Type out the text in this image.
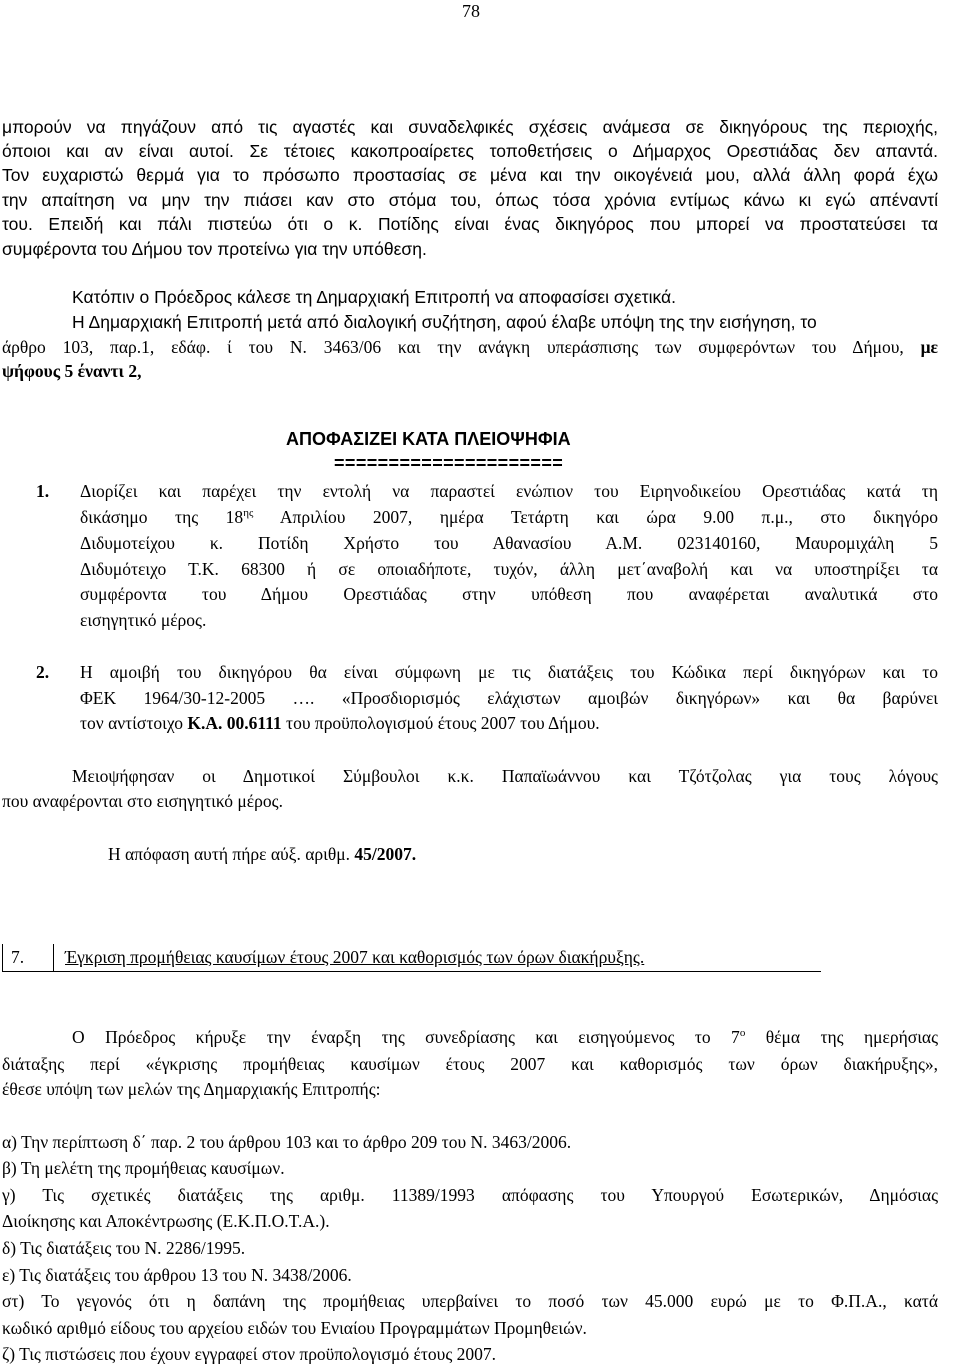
78
μπορούν να πηγάζουν από τις αγαστές και συναδελφικές σχέσεις ανάμεσα σε δικηγόρους της περιοχής,
όποιοι και αν είναι αυτοί. Σε τέτοιες κακοπροαίρετες τοποθετήσεις ο Δήμαρχος Ορεστιάδας δεν απαντά.
Τον ευχαριστώ θερμά για το πρόσωπο προστασίας σε μένα και την οικογένειά μου, αλλά άλλη φορά έχω
την απαίτηση να μην την πιάσει καν στο στόμα του, όπως τόσα χρόνια εντίμως κάνω κι εγώ απέναντί
του. Επειδή και πάλι πιστεύω ότι ο κ. Ποτίδης είναι ένας δικηγόρος που μπορεί να προστατεύσει τα
συμφέροντα του Δήμου τον προτείνω για την υπόθεση.
Κατόπιν ο Πρόεδρος κάλεσε τη Δημαρχιακή Επιτροπή να αποφασίσει σχετικά.
Η Δημαρχιακή Επιτροπή μετά από διαλογική συζήτηση, αφού έλαβε υπόψη της την εισήγηση, το
άρθρο 103, παρ.1, εδάφ. ί του Ν. 3463/06 και την ανάγκη υπεράσπισης των συμφερόντων του Δήμου, με
ψήφους 5 έναντι 2,
ΑΠΟΦΑΣΙΖΕΙ ΚΑΤΑ ΠΛΕΙΟΨΗΦΙΑ
=====================
1. Διορίζει και παρέχει την εντολή να παραστεί ενώπιον του Ειρηνοδικείου Ορεστιάδας κατά τη
δικάσημο της $18^{\eta\varsigma}$ Απριλίου 2007, ημέρα Τετάρτη και ώρα 9.00 π.μ., στο δικηγόρο
Διδυμοτείχου κ. Ποτίδη Χρήστο του Αθανασίου Α.Μ. 023140160, Μαυρομιχάλη 5
Διδυμότειχο Τ.Κ. 68300 ή σε οποιαδήποτε, τυχόν, άλλη μετ΄αναβολή και να υποστηρίξει τα
συμφέροντα του Δήμου Ορεστιάδας στην υπόθεση που αναφέρεται αναλυτικά στο
εισηγητικό μέρος.
2. Η αμοιβή του δικηγόρου θα είναι σύμφωνη με τις διατάξεις του Κώδικα περί δικηγόρων και το
ΦΕΚ 1964/30-12-2005 …. «Προσδιορισμός ελάχιστων αμοιβών δικηγόρων» και θα βαρύνει
τον αντίστοιχο Κ.Α. 00.6111 του προϋπολογισμού έτους 2007 του Δήμου.
Μειοψήφησαν οι Δημοτικοί Σύμβουλοι κ.κ. Παπαϊωάννου και Τζότζολας για τους λόγους
που αναφέρονται στο εισηγητικό μέρος.
Η απόφαση αυτή πήρε αύξ. αριθμ. 45/2007.
7. Έγκριση προμήθειας καυσίμων έτους 2007 και καθορισμός των όρων διακήρυξης.
Ο Πρόεδρος κήρυξε την έναρξη της συνεδρίασης και εισηγούμενος το $7^o$ θέμα της ημερήσιας
διάταξης περί «έγκρισης προμήθειας καυσίμων έτους 2007 και καθορισμός των όρων διακήρυξης»,
έθεσε υπόψη των μελών της Δημαρχιακής Επιτροπής:
α) Την περίπτωση δ΄ παρ. 2 του άρθρου 103 και το άρθρο 209 του Ν. 3463/2006.
β) Τη μελέτη της προμήθειας καυσίμων.
γ) Τις σχετικές διατάξεις της αριθμ. 11389/1993 απόφασης του Υπουργού Εσωτερικών, Δημόσιας
Διοίκησης και Αποκέντρωσης (Ε.Κ.Π.Ο.Τ.Α.).
δ) Τις διατάξεις του Ν. 2286/1995.
ε) Τις διατάξεις του άρθρου 13 του Ν. 3438/2006.
στ) Το γεγονός ότι η δαπάνη της προμήθειας υπερβαίνει το ποσό των 45.000 ευρώ με το Φ.Π.Α., κατά
κωδικό αριθμό είδους του αρχείου ειδών του Ενιαίου Προγραμμάτων Προμηθειών.
ζ) Τις πιστώσεις που έχουν εγγραφεί στον προϋπολογισμό έτους 2007.
